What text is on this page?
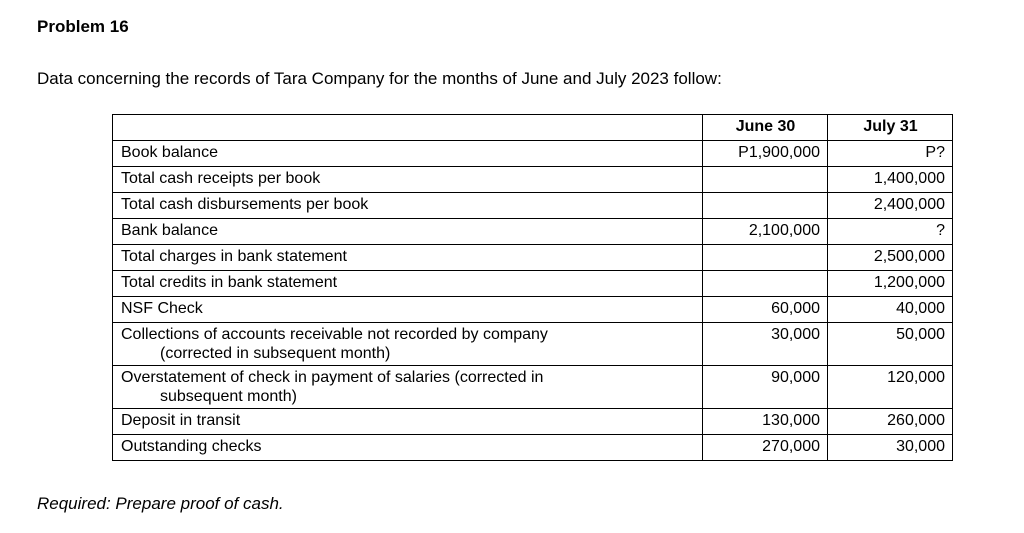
Problem 16
Data concerning the records of Tara Company for the months of June and July 2023 follow:
	June 30	July 31
Book balance	P1,900,000	P?
Total cash receipts per book		1,400,000
Total cash disbursements per book		2,400,000
Bank balance	2,100,000	?
Total charges in bank statement		2,500,000
Total credits in bank statement		1,200,000
NSF Check	60,000	40,000
Collections of accounts receivable not recorded by company
(corrected in subsequent month)	30,000	50,000
Overstatement of check in payment of salaries (corrected in
subsequent month)	90,000	120,000
Deposit in transit	130,000	260,000
Outstanding checks	270,000	30,000
Required: Prepare proof of cash.
